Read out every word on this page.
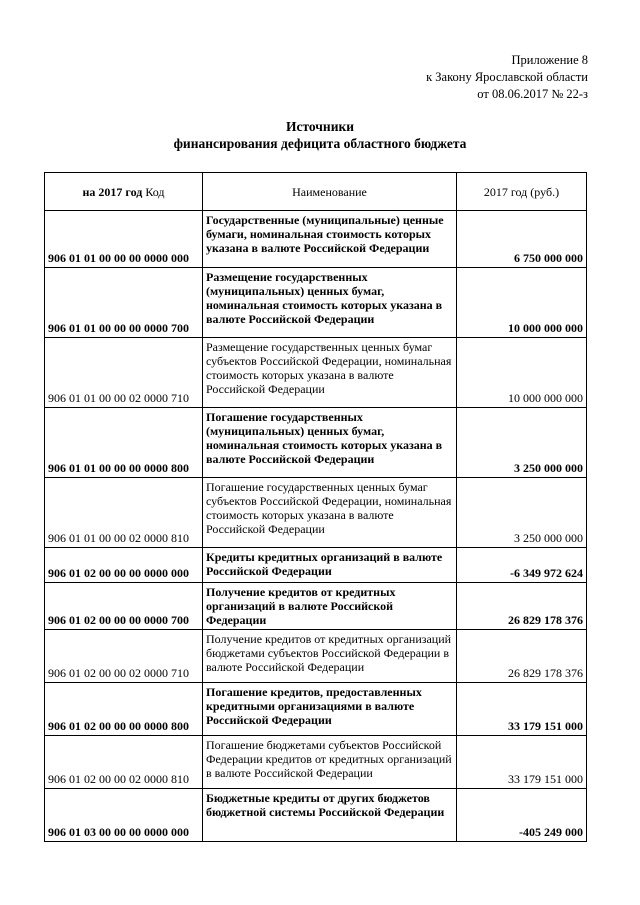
Приложение 8
к Закону Ярославской области
от 08.06.2017 № 22-з
Источники
финансирования дефицита областного бюджета
на 2017 год Код	Наименование	2017 год (руб.)
906 01 01 00 00 00 0000 000	Государственные (муниципальные) ценные бумаги, номинальная стоимость которых указана в валюте Российской Федерации	6 750 000 000
906 01 01 00 00 00 0000 700	Размещение государственных (муниципальных) ценных бумаг, номинальная стоимость которых указана в валюте Российской Федерации	10 000 000 000
906 01 01 00 00 02 0000 710	Размещение государственных ценных бумаг субъектов Российской Федерации, номинальная стоимость которых указана в валюте Российской Федерации	10 000 000 000
906 01 01 00 00 00 0000 800	Погашение государственных (муниципальных) ценных бумаг, номинальная стоимость которых указана в валюте Российской Федерации	3 250 000 000
906 01 01 00 00 02 0000 810	Погашение государственных ценных бумаг субъектов Российской Федерации, номинальная стоимость которых указана в валюте Российской Федерации	3 250 000 000
906 01 02 00 00 00 0000 000	Кредиты кредитных организаций в валюте Российской Федерации	-6 349 972 624
906 01 02 00 00 00 0000 700	Получение кредитов от кредитных организаций в валюте Российской Федерации	26 829 178 376
906 01 02 00 00 02 0000 710	Получение кредитов от кредитных организаций бюджетами субъектов Российской Федерации в валюте Российской Федерации	26 829 178 376
906 01 02 00 00 00 0000 800	Погашение кредитов, предоставленных кредитными организациями в валюте Российской Федерации	33 179 151 000
906 01 02 00 00 02 0000 810	Погашение бюджетами субъектов Российской Федерации кредитов от кредитных организаций в валюте Российской Федерации	33 179 151 000
906 01 03 00 00 00 0000 000	Бюджетные кредиты от других бюджетов бюджетной системы Российской Федерации	-405 249 000
